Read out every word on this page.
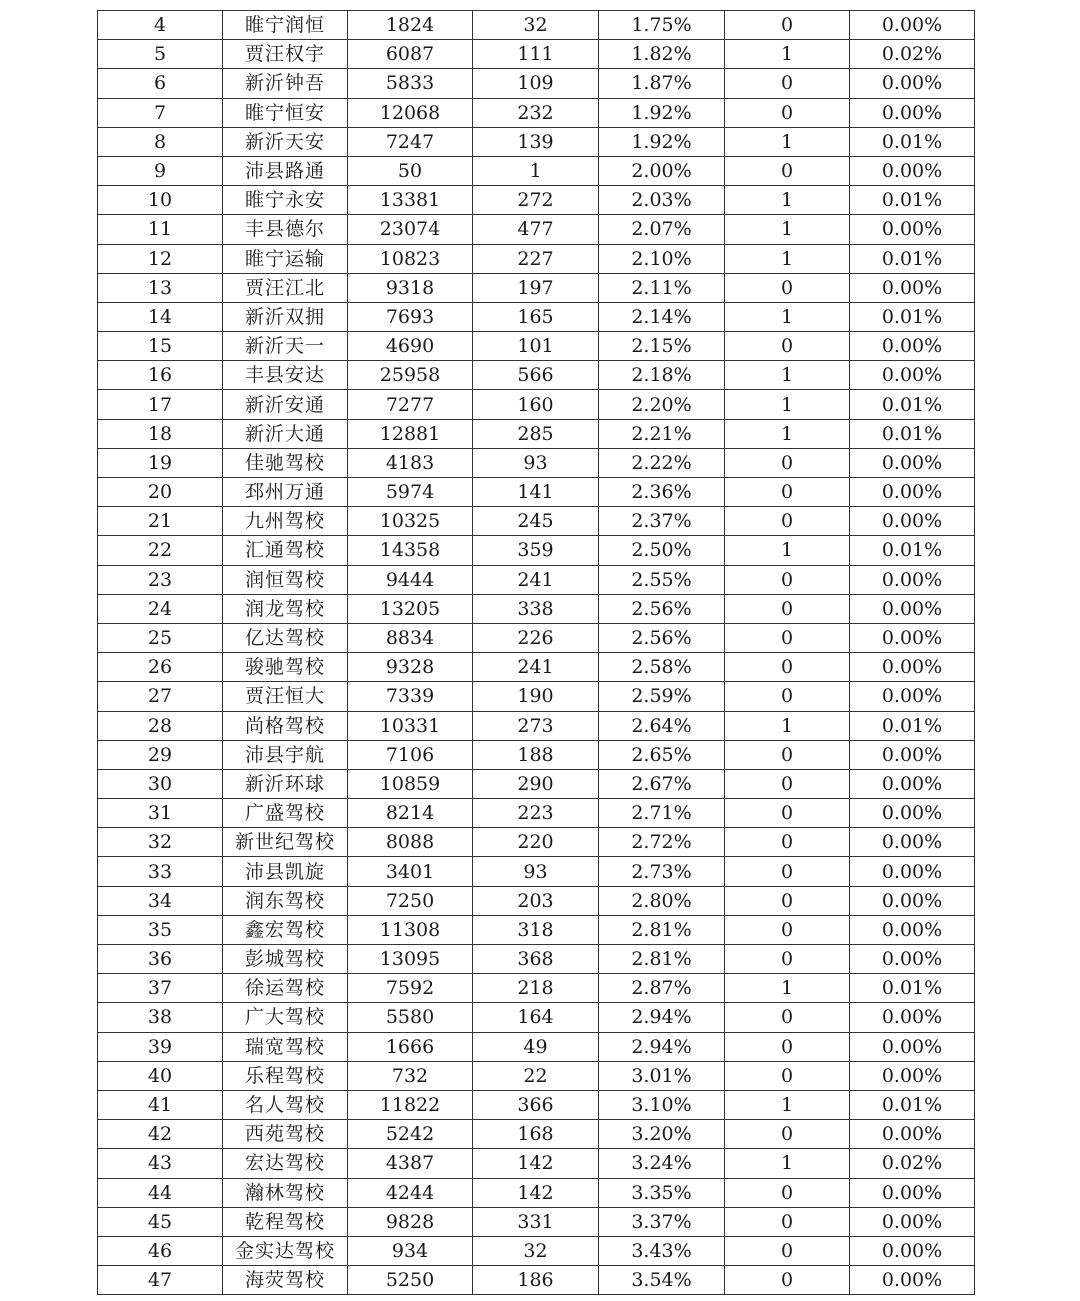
4	睢宁润恒	1824	32	1.75%	0	0.00%
5	贾汪权宇	6087	111	1.82%	1	0.02%
6	新沂钟吾	5833	109	1.87%	0	0.00%
7	睢宁恒安	12068	232	1.92%	0	0.00%
8	新沂天安	7247	139	1.92%	1	0.01%
9	沛县路通	50	1	2.00%	0	0.00%
10	睢宁永安	13381	272	2.03%	1	0.01%
11	丰县德尔	23074	477	2.07%	1	0.00%
12	睢宁运输	10823	227	2.10%	1	0.01%
13	贾汪江北	9318	197	2.11%	0	0.00%
14	新沂双拥	7693	165	2.14%	1	0.01%
15	新沂天一	4690	101	2.15%	0	0.00%
16	丰县安达	25958	566	2.18%	1	0.00%
17	新沂安通	7277	160	2.20%	1	0.01%
18	新沂大通	12881	285	2.21%	1	0.01%
19	佳驰驾校	4183	93	2.22%	0	0.00%
20	邳州万通	5974	141	2.36%	0	0.00%
21	九州驾校	10325	245	2.37%	0	0.00%
22	汇通驾校	14358	359	2.50%	1	0.01%
23	润恒驾校	9444	241	2.55%	0	0.00%
24	润龙驾校	13205	338	2.56%	0	0.00%
25	亿达驾校	8834	226	2.56%	0	0.00%
26	骏驰驾校	9328	241	2.58%	0	0.00%
27	贾汪恒大	7339	190	2.59%	0	0.00%
28	尚格驾校	10331	273	2.64%	1	0.01%
29	沛县宇航	7106	188	2.65%	0	0.00%
30	新沂环球	10859	290	2.67%	0	0.00%
31	广盛驾校	8214	223	2.71%	0	0.00%
32	新世纪驾校	8088	220	2.72%	0	0.00%
33	沛县凯旋	3401	93	2.73%	0	0.00%
34	润东驾校	7250	203	2.80%	0	0.00%
35	鑫宏驾校	11308	318	2.81%	0	0.00%
36	彭城驾校	13095	368	2.81%	0	0.00%
37	徐运驾校	7592	218	2.87%	1	0.01%
38	广大驾校	5580	164	2.94%	0	0.00%
39	瑞宽驾校	1666	49	2.94%	0	0.00%
40	乐程驾校	732	22	3.01%	0	0.00%
41	名人驾校	11822	366	3.10%	1	0.01%
42	西苑驾校	5242	168	3.20%	0	0.00%
43	宏达驾校	4387	142	3.24%	1	0.02%
44	瀚林驾校	4244	142	3.35%	0	0.00%
45	乾程驾校	9828	331	3.37%	0	0.00%
46	金实达驾校	934	32	3.43%	0	0.00%
47	海荧驾校	5250	186	3.54%	0	0.00%
